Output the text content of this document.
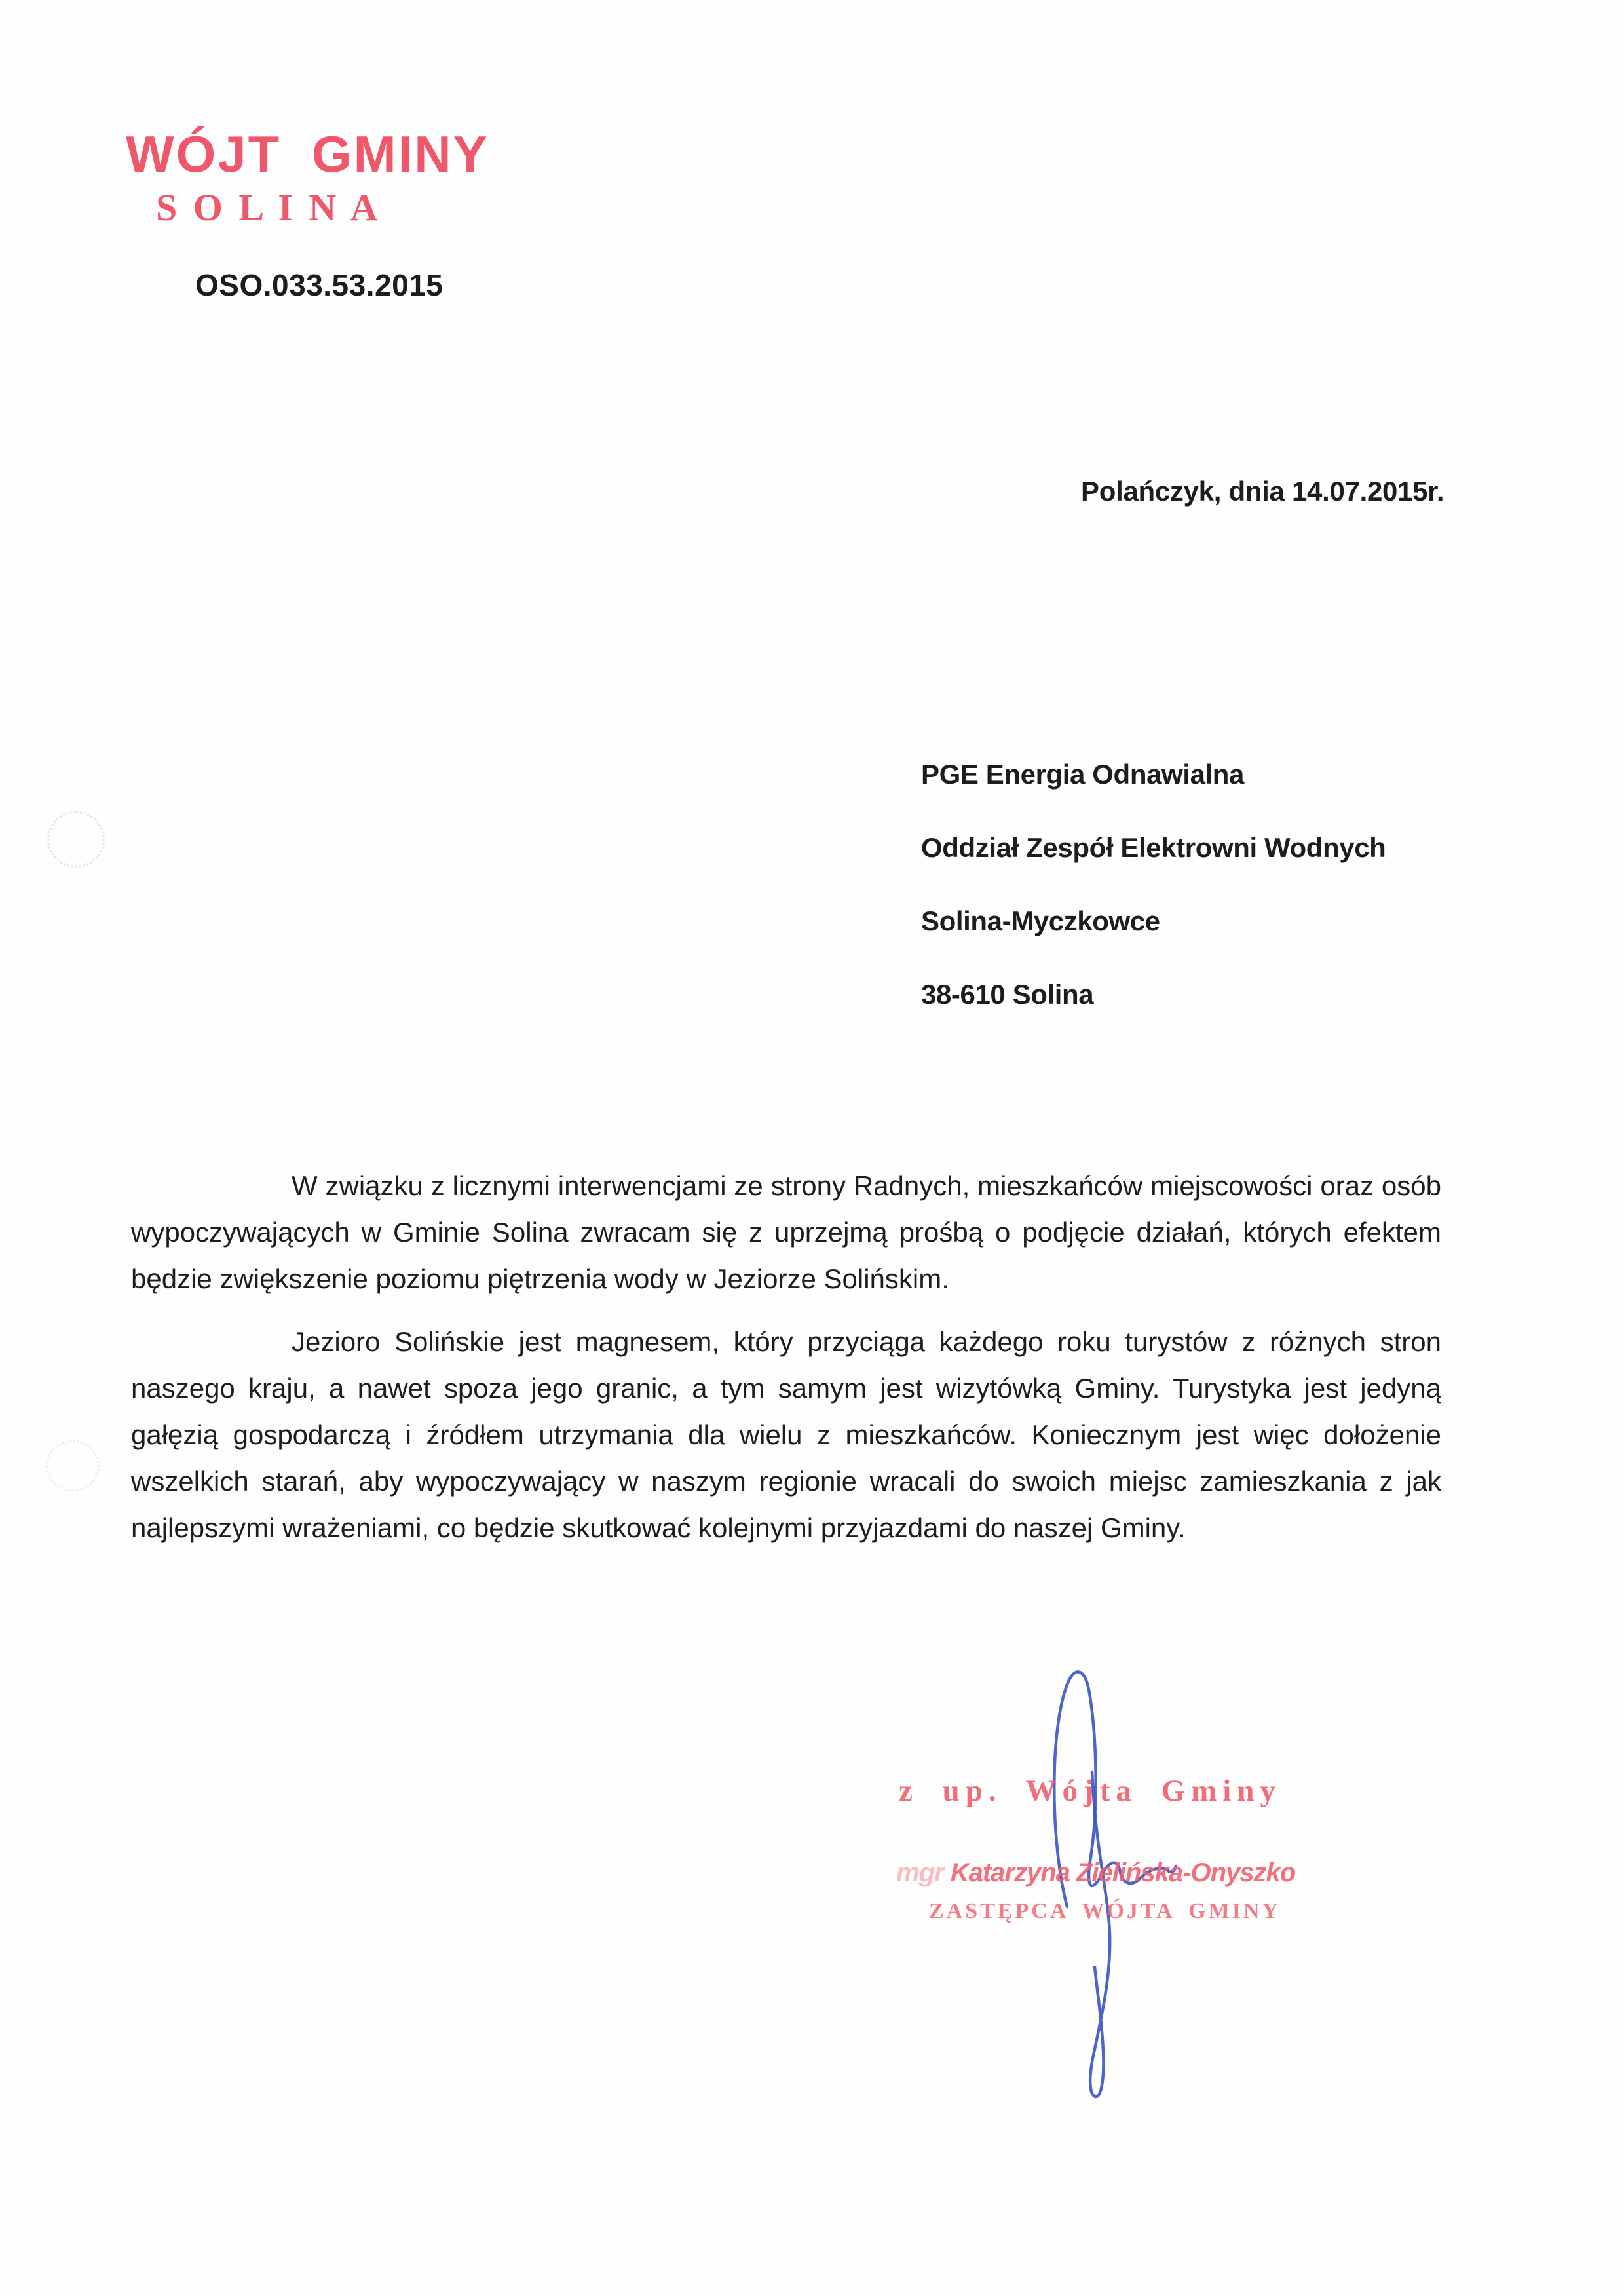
WÓJT GMINY
S O L I N A
OSO.033.53.2015
Polańczyk, dnia 14.07.2015r.
PGE Energia Odnawialna
Oddział Zespół Elektrowni Wodnych
Solina-Myczkowce
38-610 Solina
W związku z licznymi interwencjami ze strony Radnych, mieszkańców miejscowości oraz osób
wypoczywających w Gminie Solina zwracam się z uprzejmą prośbą o podjęcie działań, których efektem
będzie zwiększenie poziomu piętrzenia wody w Jeziorze Solińskim.
Jezioro Solińskie jest magnesem, który przyciąga każdego roku turystów z różnych stron
naszego kraju, a nawet spoza jego granic, a tym samym jest wizytówką Gminy. Turystyka jest jedyną
gałęzią gospodarczą i źródłem utrzymania dla wielu z mieszkańców. Koniecznym jest więc dołożenie
wszelkich starań, aby wypoczywający w naszym regionie wracali do swoich miejsc zamieszkania z jak
najlepszymi wrażeniami, co będzie skutkować kolejnymi przyjazdami do naszej Gminy.
z up. Wójta Gminy
mgr Katarzyna Zielińska-Onyszko
ZASTĘPCA WÓJTA GMINY
